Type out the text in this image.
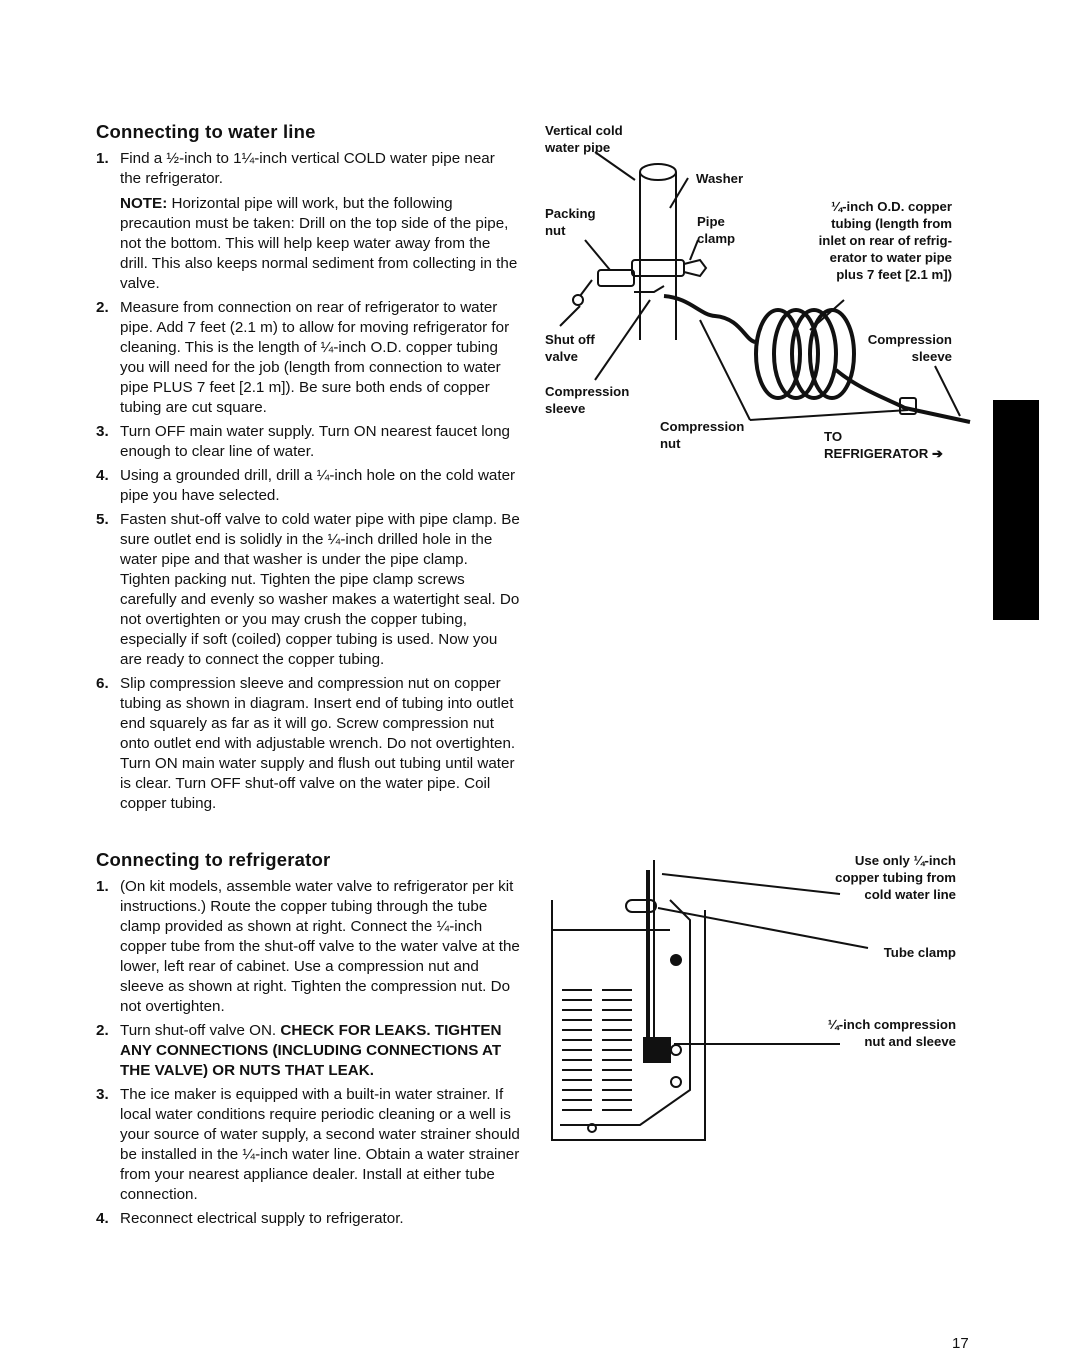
Connecting to water line
1. Find a ½-inch to 1¼-inch vertical COLD water pipe near the refrigerator.

NOTE: Horizontal pipe will work, but the following precaution must be taken: Drill on the top side of the pipe, not the bottom. This will help keep water away from the drill. This also keeps normal sediment from collecting in the valve.

2. Measure from connection on rear of refrigerator to water pipe. Add 7 feet (2.1 m) to allow for moving refrigerator for cleaning. This is the length of ¼-inch O.D. copper tubing you will need for the job (length from connection to water pipe PLUS 7 feet [2.1 m]). Be sure both ends of copper tubing are cut square.

3. Turn OFF main water supply. Turn ON nearest faucet long enough to clear line of water.

4. Using a grounded drill, drill a ¼-inch hole on the cold water pipe you have selected.

5. Fasten shut-off valve to cold water pipe with pipe clamp. Be sure outlet end is solidly in the ¼-inch drilled hole in the water pipe and that washer is under the pipe clamp. Tighten packing nut. Tighten the pipe clamp screws carefully and evenly so washer makes a watertight seal. Do not overtighten or you may crush the copper tubing, especially if soft (coiled) copper tubing is used. Now you are ready to connect the copper tubing.

6. Slip compression sleeve and compression nut on copper tubing as shown in diagram. Insert end of tubing into outlet end squarely as far as it will go. Screw compression nut onto outlet end with adjustable wrench. Do not overtighten. Turn ON main water supply and flush out tubing until water is clear. Turn OFF shut-off valve on the water pipe. Coil copper tubing.

Connecting to refrigerator
1. (On kit models, assemble water valve to refrigerator per kit instructions.) Route the copper tubing through the tube clamp provided as shown at right. Connect the ¼-inch copper tube from the shut-off valve to the water valve at the lower, left rear of cabinet. Use a compression nut and sleeve as shown at right. Tighten the compression nut. Do not overtighten.

2. Turn shut-off valve ON. CHECK FOR LEAKS. TIGHTEN ANY CONNECTIONS (INCLUDING CONNECTIONS AT THE VALVE) OR NUTS THAT LEAK.

3. The ice maker is equipped with a built-in water strainer. If local water conditions require periodic cleaning or a well is your source of water supply, a second water strainer should be installed in the ¼-inch water line. Obtain a water strainer from your nearest appliance dealer. Install at either tube connection.

4. Reconnect electrical supply to refrigerator.

Vertical cold
water pipe
Washer
Packing
nut
Pipe
clamp
¼-inch O.D. copper
tubing (length from
inlet on rear of refrig-
erator to water pipe
plus 7 feet [2.1 m])
Shut off
valve
Compression
sleeve
Compression
sleeve
Compression
nut	TO
REFRIGERATOR ➔
Use only ¼-inch
copper tubing from
cold water line
Tube clamp
¼-inch compression
nut and sleeve
17
